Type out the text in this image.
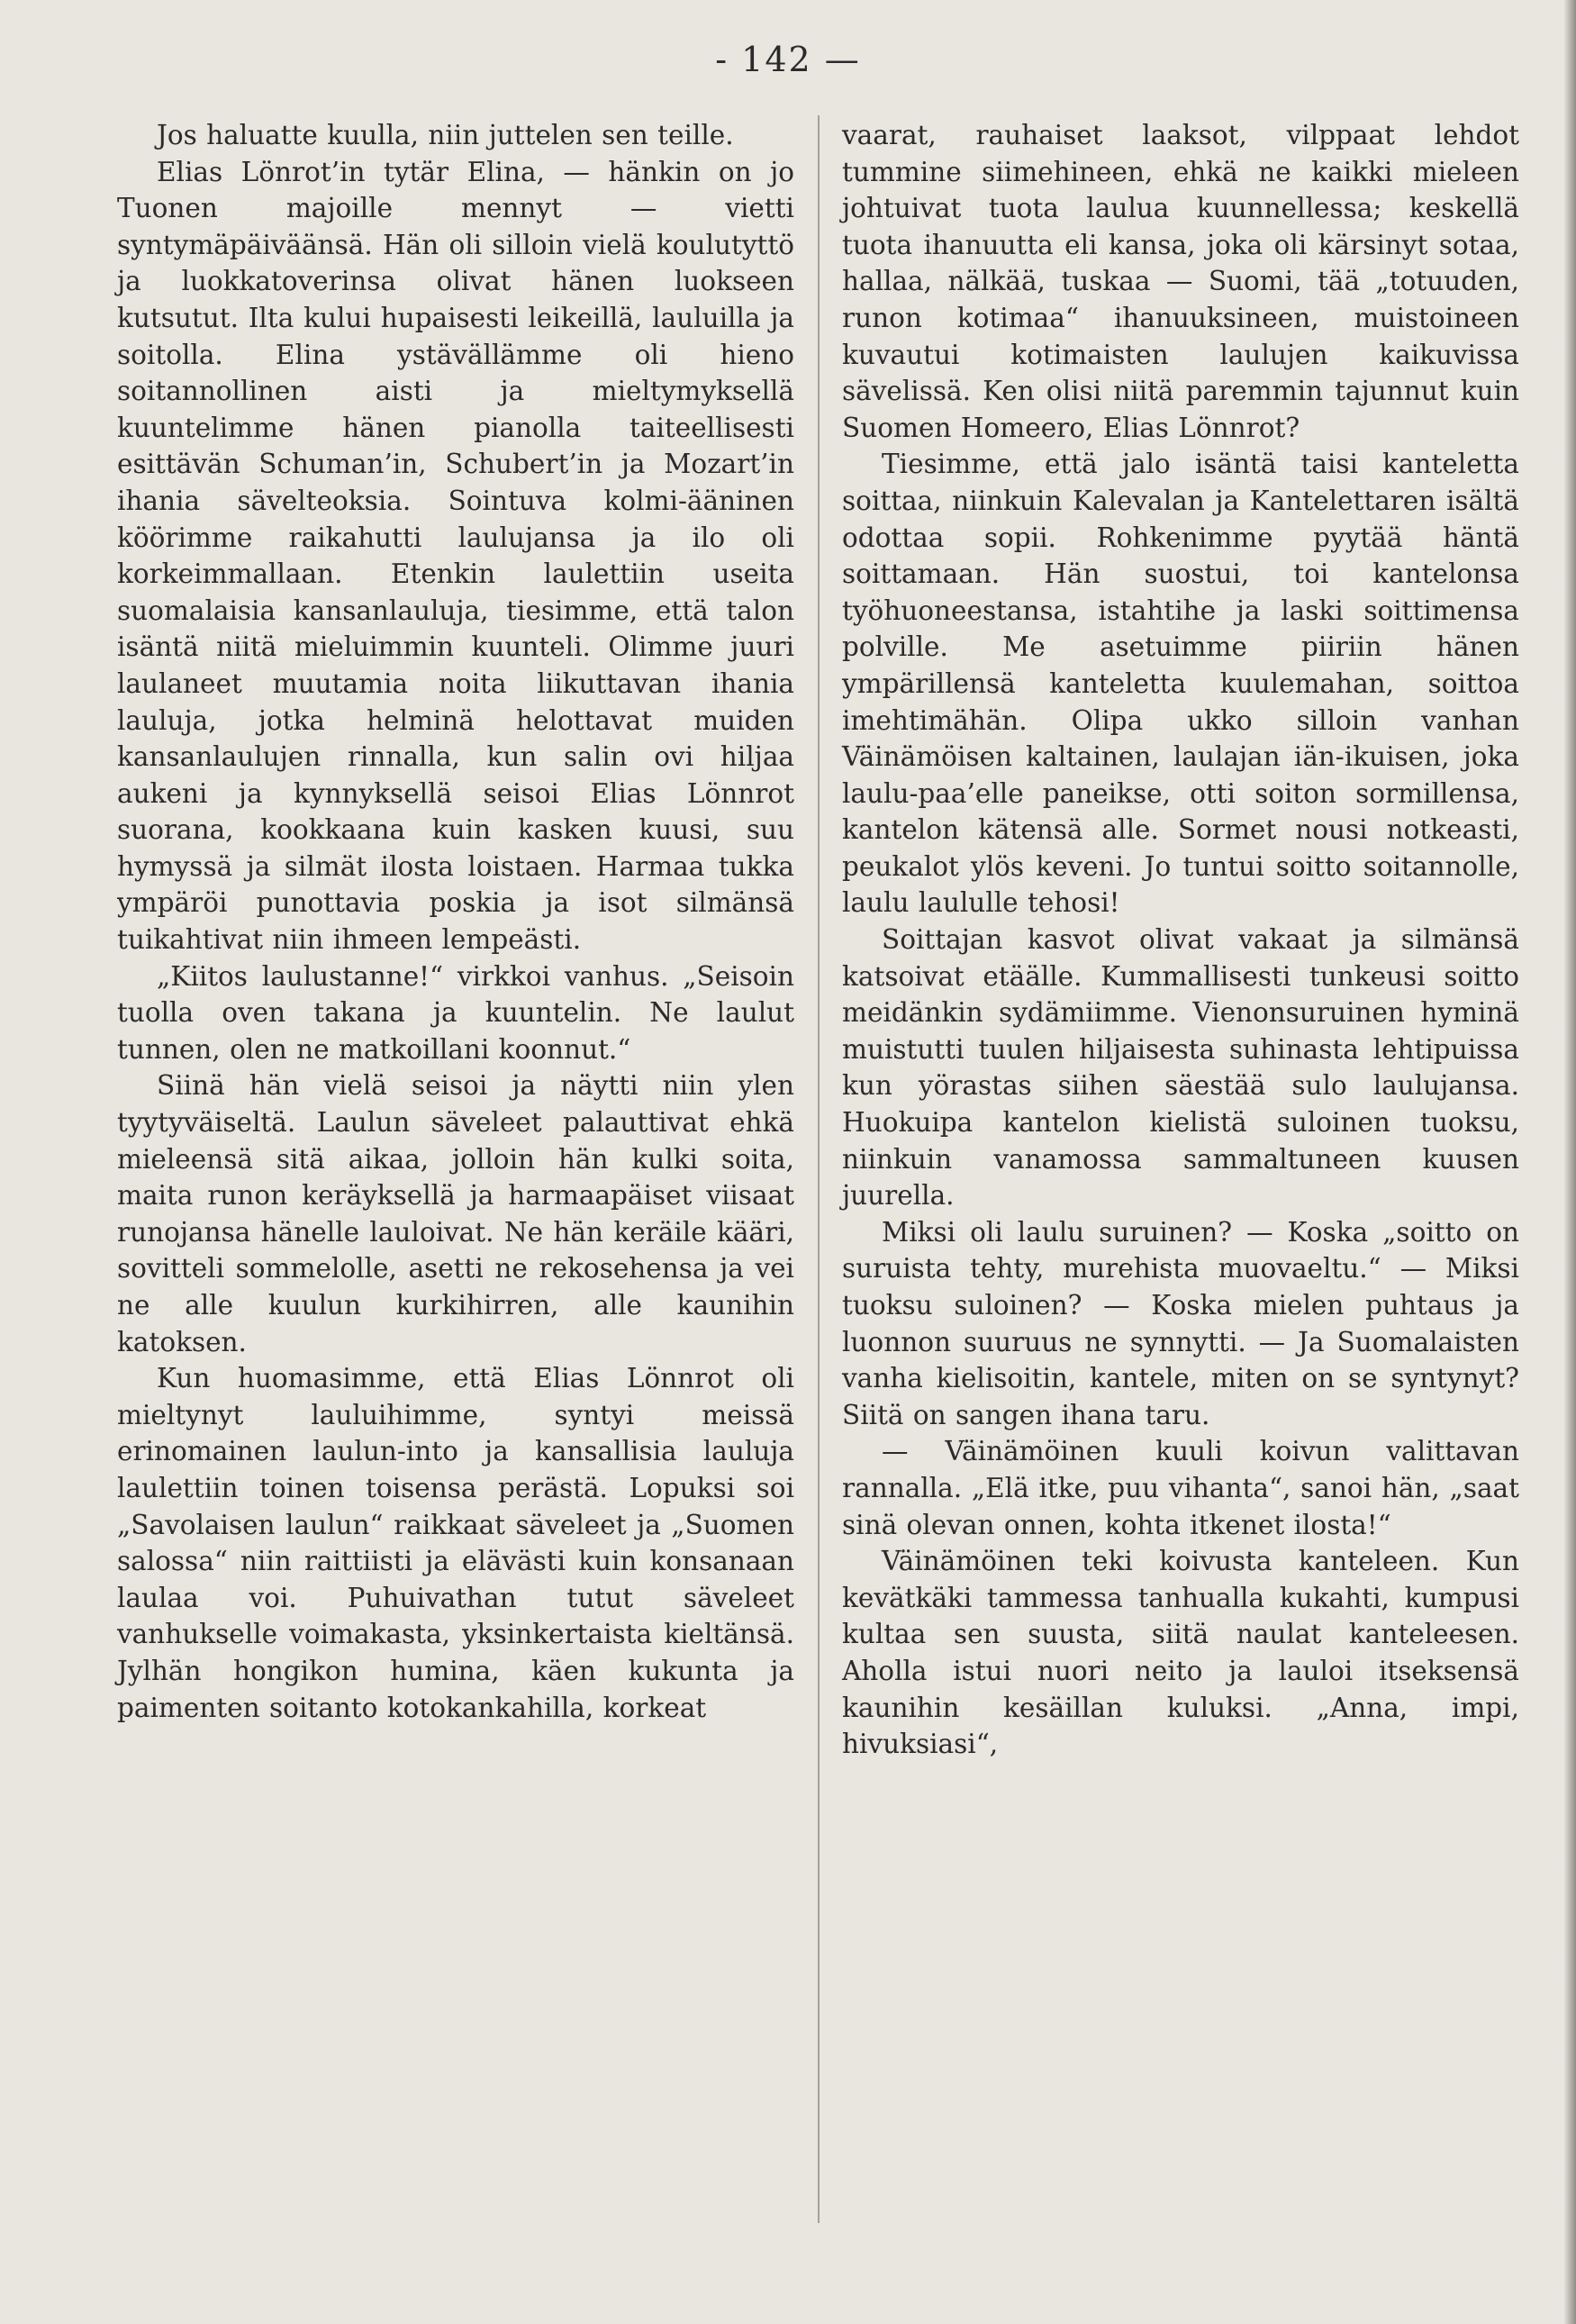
- 142 —

Jos haluatte kuulla, niin juttelen sen teille.

Elias Lönrot’in tytär Elina, — hänkin on jo Tuonen majoille mennyt — vietti syntymäpäiväänsä. Hän oli silloin vielä koulutyttö ja luokkatoverinsa olivat hänen luokseen kutsutut. Ilta kului hupaisesti leikeillä, lauluilla ja soitolla. Elina ystävällämme oli hieno soitannollinen aisti ja mieltymyksellä kuuntelimme hänen pianolla taiteellisesti esittävän Schuman’in, Schubert’in ja Mozart’in ihania sävelteoksia. Sointuva kolmi-ääninen köörimme raikahutti laulujansa ja ilo oli korkeimmallaan. Etenkin laulettiin useita suomalaisia kansanlauluja, tiesimme, että talon isäntä niitä mieluimmin kuunteli. Olimme juuri laulaneet muutamia noita liikuttavan ihania lauluja, jotka helminä helottavat muiden kansanlaulujen rinnalla, kun salin ovi hiljaa aukeni ja kynnyksellä seisoi Elias Lönnrot suorana, kookkaana kuin kasken kuusi, suu hymyssä ja silmät ilosta loistaen. Harmaa tukka ympäröi punottavia poskia ja isot silmänsä tuikahtivat niin ihmeen lempeästi.

„Kiitos laulustanne!“ virkkoi vanhus. „Seisoin tuolla oven takana ja kuuntelin. Ne laulut tunnen, olen ne matkoillani koonnut.“

Siinä hän vielä seisoi ja näytti niin ylen tyytyväiseltä. Laulun säveleet palauttivat ehkä mieleensä sitä aikaa, jolloin hän kulki soita, maita runon keräyksellä ja harmaapäiset viisaat runojansa hänelle lauloivat. Ne hän keräile kääri, sovitteli sommelolle, asetti ne rekosehensa ja vei ne alle kuulun kurkihirren, alle kaunihin katoksen.

Kun huomasimme, että Elias Lönnrot oli mieltynyt lauluihimme, syntyi meissä erinomainen laulun-into ja kansallisia lauluja laulettiin toinen toisensa perästä. Lopuksi soi „Savolaisen laulun“ raikkaat säveleet ja „Suomen salossa“ niin raittiisti ja elävästi kuin konsanaan laulaa voi. Puhuivathan tutut säveleet vanhukselle voimakasta, yksinkertaista kieltänsä. Jylhän hongikon humina, käen kukunta ja paimenten soitanto kotokankahilla, korkeat

vaarat, rauhaiset laaksot, vilppaat lehdot tummine siimehineen, ehkä ne kaikki mieleen johtuivat tuota laulua kuunnellessa; keskellä tuota ihanuutta eli kansa, joka oli kärsinyt sotaa, hallaa, nälkää, tuskaa — Suomi, tää „totuuden, runon kotimaa“ ihanuuksineen, muistoineen kuvautui kotimaisten laulujen kaikuvissa sävelissä. Ken olisi niitä paremmin tajunnut kuin Suomen Homeero, Elias Lönnrot?

Tiesimme, että jalo isäntä taisi kanteletta soittaa, niinkuin Kalevalan ja Kantelettaren isältä odottaa sopii. Rohkenimme pyytää häntä soittamaan. Hän suostui, toi kantelonsa työhuoneestansa, istahtihe ja laski soittimensa polville. Me asetuimme piiriin hänen ympärillensä kanteletta kuulemahan, soittoa imehtimähän. Olipa ukko silloin vanhan Väinämöisen kaltainen, laulajan iän-ikuisen, joka laulu-paa’elle paneikse, otti soiton sormillensa, kantelon kätensä alle. Sormet nousi notkeasti, peukalot ylös keveni. Jo tuntui soitto soitannolle, laulu laululle tehosi!

Soittajan kasvot olivat vakaat ja silmänsä katsoivat etäälle. Kummallisesti tunkeusi soitto meidänkin sydämiimme. Vienonsuruinen hyminä muistutti tuulen hiljaisesta suhinasta lehtipuissa kun yörastas siihen säestää sulo laulujansa. Huokuipa kantelon kielistä suloinen tuoksu, niinkuin vanamossa sammaltuneen kuusen juurella.

Miksi oli laulu suruinen? — Koska „soitto on suruista tehty, murehista muovaeltu.“ — Miksi tuoksu suloinen? — Koska mielen puhtaus ja luonnon suuruus ne synnytti. — Ja Suomalaisten vanha kielisoitin, kantele, miten on se syntynyt? Siitä on sangen ihana taru.

— Väinämöinen kuuli koivun valittavan rannalla. „Elä itke, puu vihanta“, sanoi hän, „saat sinä olevan onnen, kohta itkenet ilosta!“

Väinämöinen teki koivusta kanteleen. Kun kevätkäki tammessa tanhualla kukahti, kumpusi kultaa sen suusta, siitä naulat kanteleesen. Aholla istui nuori neito ja lauloi itseksensä kaunihin kesäillan kuluksi. „Anna, impi, hivuksiasi“,
